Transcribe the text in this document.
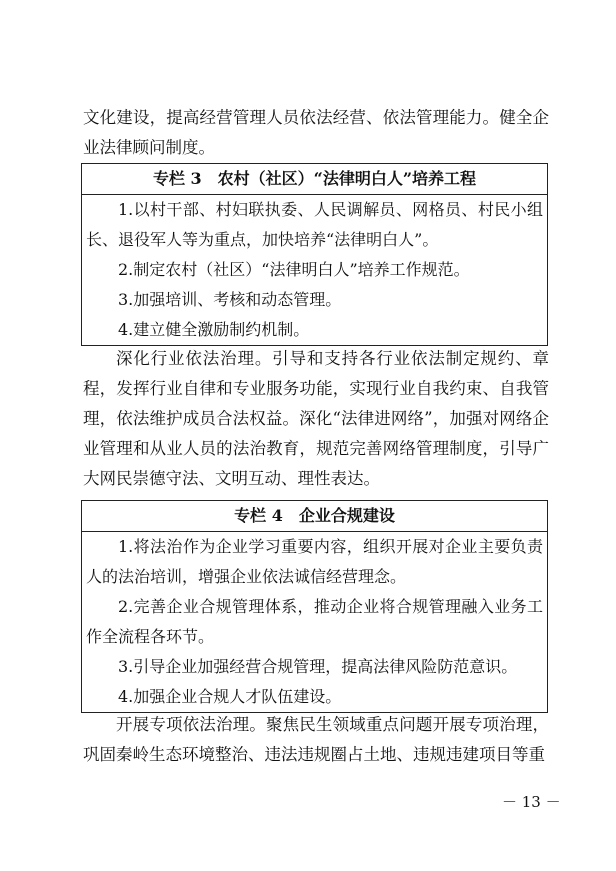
文化建设，提高经营管理人员依法经营、依法管理能力。健全企业法律顾问制度。

专栏 3　农村（社区）“法律明白人”培养工程

1.以村干部、村妇联执委、人民调解员、网格员、村民小组长、退役军人等为重点，加快培养“法律明白人”。

2.制定农村（社区）“法律明白人”培养工作规范。

3.加强培训、考核和动态管理。

4.建立健全激励制约机制。

深化行业依法治理。引导和支持各行业依法制定规约、章程，发挥行业自律和专业服务功能，实现行业自我约束、自我管理，依法维护成员合法权益。深化“法律进网络”，加强对网络企业管理和从业人员的法治教育，规范完善网络管理制度，引导广大网民崇德守法、文明互动、理性表达。

专栏 4　企业合规建设

1.将法治作为企业学习重要内容，组织开展对企业主要负责人的法治培训，增强企业依法诚信经营理念。

2.完善企业合规管理体系，推动企业将合规管理融入业务工作全流程各环节。

3.引导企业加强经营合规管理，提高法律风险防范意识。

4.加强企业合规人才队伍建设。

开展专项依法治理。聚焦民生领域重点问题开展专项治理，巩固秦岭生态环境整治、违法违规圈占土地、违规违建项目等重

－ 13 －
